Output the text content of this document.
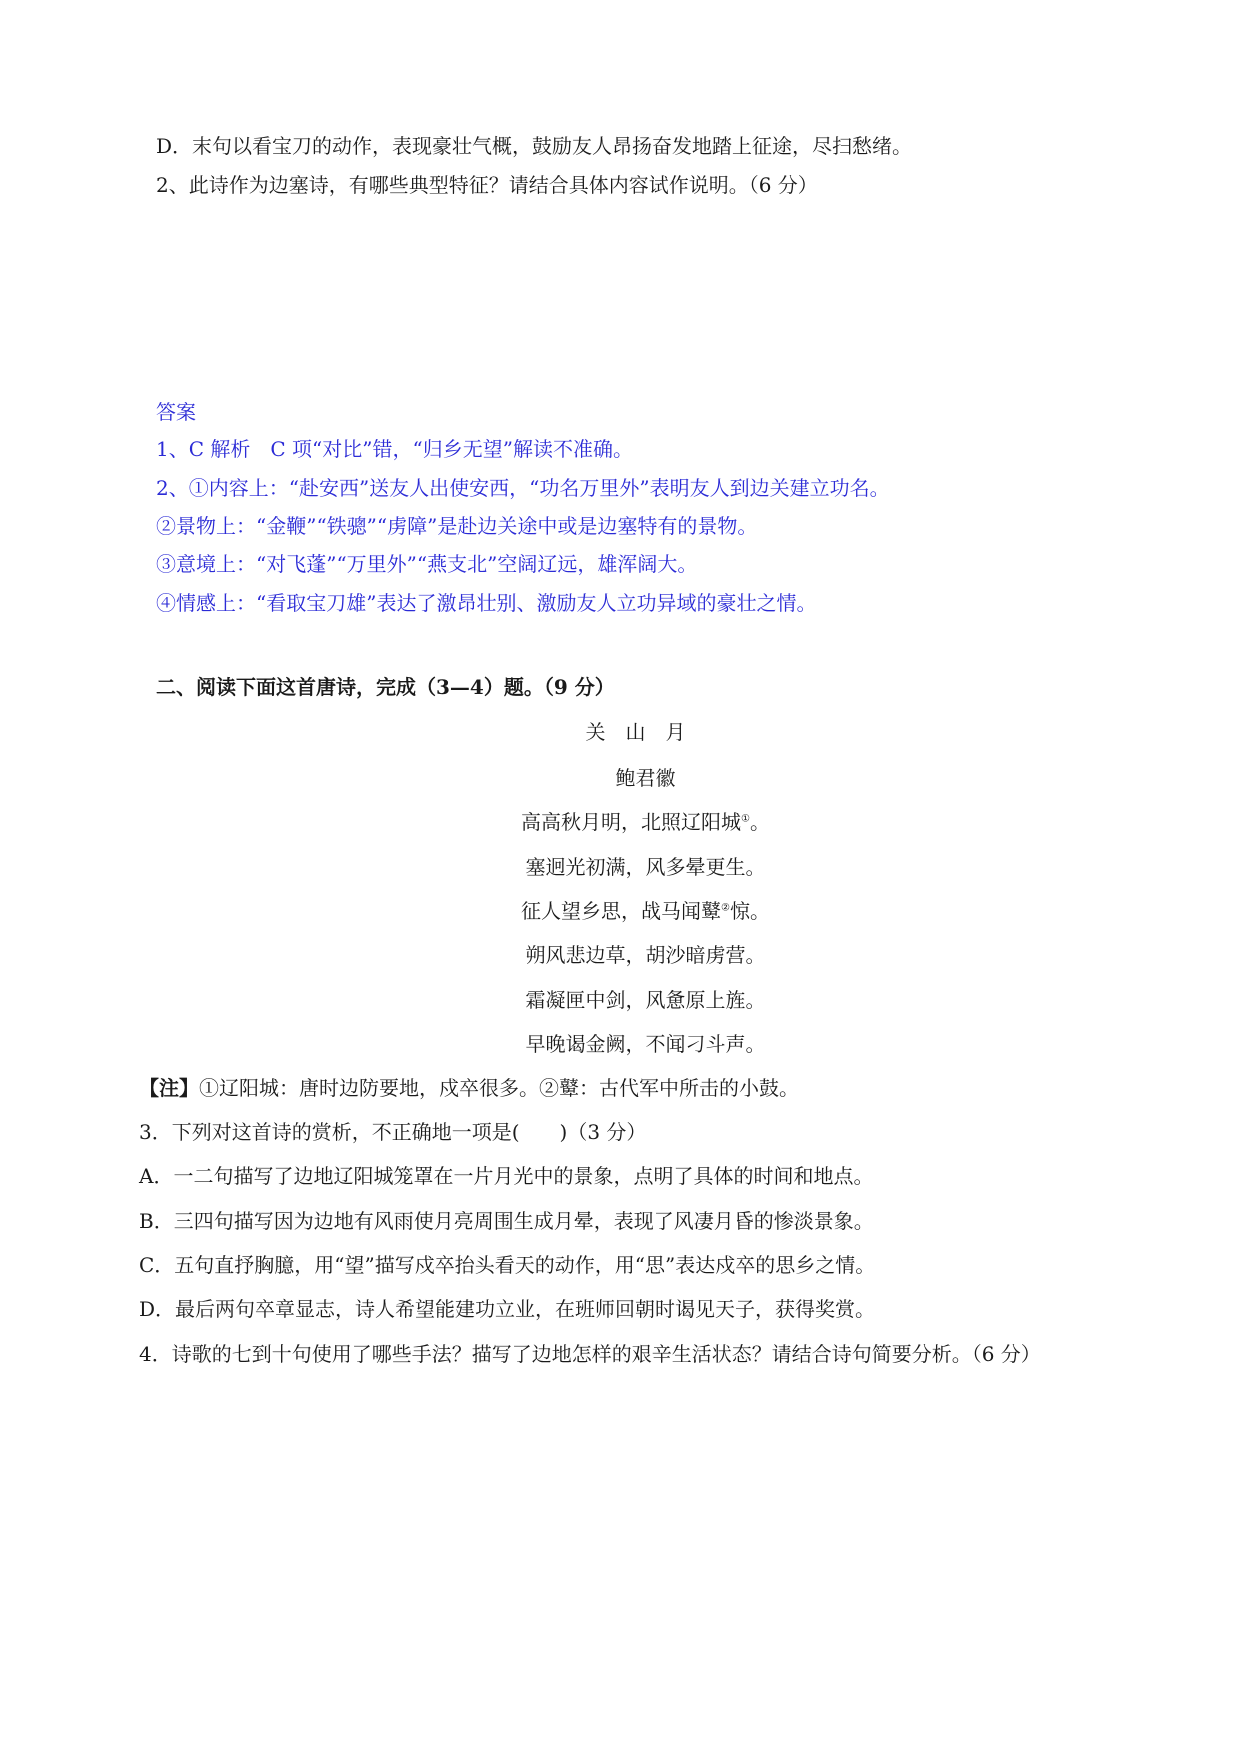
D．末句以看宝刀的动作，表现豪壮气概，鼓励友人昂扬奋发地踏上征途，尽扫愁绪。
2、此诗作为边塞诗，有哪些典型特征？请结合具体内容试作说明。（6 分）
答案
1、C 解析　C 项“对比”错，“归乡无望”解读不准确。
2、①内容上：“赴安西”送友人出使安西，“功名万里外”表明友人到边关建立功名。
②景物上：“金鞭”“铁骢”“虏障”是赴边关途中或是边塞特有的景物。
③意境上：“对飞蓬”“万里外”“燕支北”空阔辽远，雄浑阔大。
④情感上：“看取宝刀雄”表达了激昂壮别、激励友人立功异域的豪壮之情。
二、阅读下面这首唐诗，完成（3—4）题。（9 分）
关山月
鲍君徽
高高秋月明，北照辽阳城①。
塞迥光初满，风多晕更生。
征人望乡思，战马闻鼙②惊。
朔风悲边草，胡沙暗虏营。
霜凝匣中剑，风惫原上旌。
早晚谒金阙，不闻刁斗声。
【注】①辽阳城：唐时边防要地，戍卒很多。②鼙：古代军中所击的小鼓。
3．下列对这首诗的赏析，不正确地一项是(　　)（3 分）
A．一二句描写了边地辽阳城笼罩在一片月光中的景象，点明了具体的时间和地点。
B．三四句描写因为边地有风雨使月亮周围生成月晕，表现了风凄月昏的惨淡景象。
C．五句直抒胸臆，用“望”描写戍卒抬头看天的动作，用“思”表达戍卒的思乡之情。
D．最后两句卒章显志，诗人希望能建功立业，在班师回朝时谒见天子，获得奖赏。
4．诗歌的七到十句使用了哪些手法？描写了边地怎样的艰辛生活状态？请结合诗句简要分析。（6 分）
